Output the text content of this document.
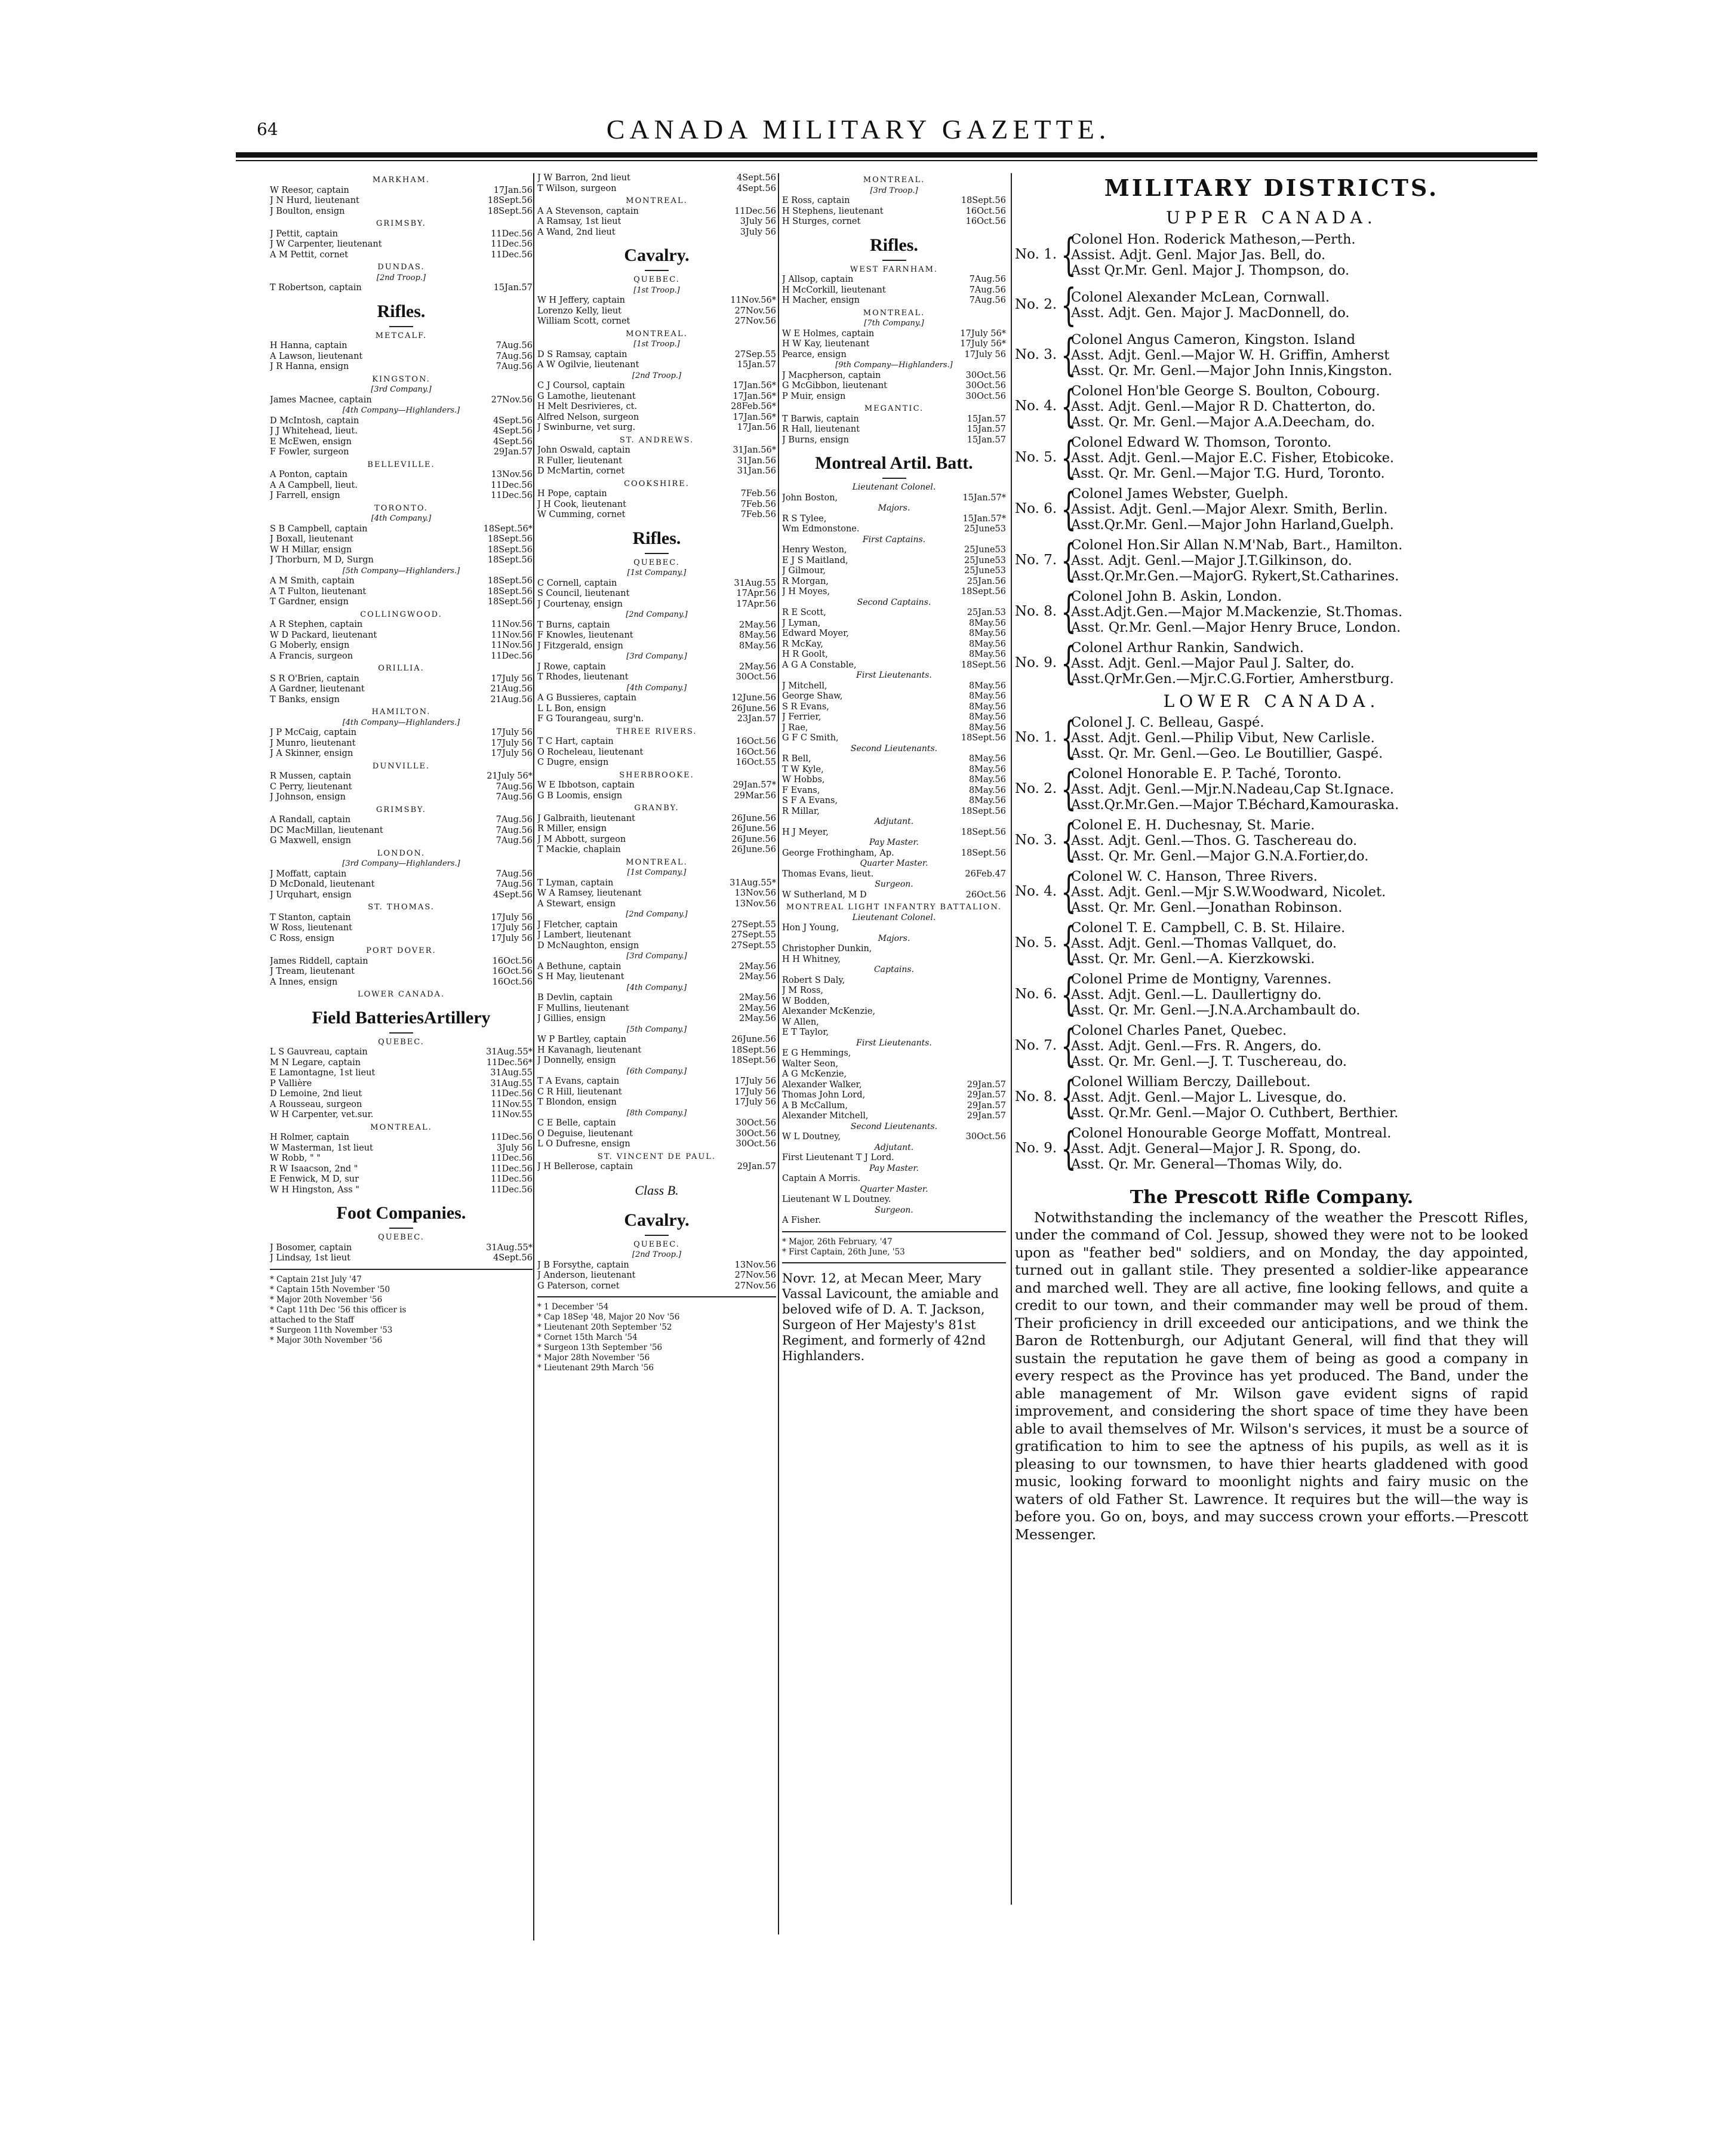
64	CANADA MILITARY GAZETTE.
MARKHAM.
W Reesor, captain	17Jan.56
J N Hurd, lieutenant	18Sept.56
J Boulton, ensign	18Sept.56
GRIMSBY.
J Pettit, captain	11Dec.56
J W Carpenter, lieutenant	11Dec.56
A M Pettit, cornet	11Dec.56
DUNDAS.
[2nd Troop.]
T Robertson, captain	15Jan.57
Rifles.
METCALF.
H Hanna, captain	7Aug.56
A Lawson, lieutenant	7Aug.56
J R Hanna, ensign	7Aug.56
KINGSTON.
[3rd Company.]
James Macnee, captain	27Nov.56
[4th Company—Highlanders.]
D McIntosh, captain	4Sept.56
J J Whitehead, lieut.	4Sept.56
E McEwen, ensign	4Sept.56
F Fowler, surgeon	29Jan.57
BELLEVILLE.
A Ponton, captain	13Nov.56
A A Campbell, lieut.	11Dec.56
J Farrell, ensign	11Dec.56
TORONTO.
[4th Company.]
S B Campbell, captain	18Sept.56*
J Boxall, lieutenant	18Sept.56
W H Millar, ensign	18Sept.56
J Thorburn, M D, Surgn	18Sept.56
[5th Company—Highlanders.]
A M Smith, captain	18Sept.56
A T Fulton, lieutenant	18Sept.56
T Gardner, ensign	18Sept.56
COLLINGWOOD.
A R Stephen, captain	11Nov.56
W D Packard, lieutenant	11Nov.56
G Moberly, ensign	11Nov.56
A Francis, surgeon	11Dec.56
ORILLIA.
S R O'Brien, captain	17July 56
A Gardner, lieutenant	21Aug.56
T Banks, ensign	21Aug.56
HAMILTON.
[4th Company—Highlanders.]
J P McCaig, captain	17July 56
J Munro, lieutenant	17July 56
J A Skinner, ensign	17July 56
DUNVILLE.
R Mussen, captain	21July 56*
C Perry, lieutenant	7Aug.56
J Johnson, ensign	7Aug.56
GRIMSBY.
A Randall, captain	7Aug.56
DC MacMillan, lieutenant	7Aug.56
G Maxwell, ensign	7Aug.56
LONDON.
[3rd Company—Highlanders.]
J Moffatt, captain	7Aug.56
D McDonald, lieutenant	7Aug.56
J Urquhart, ensign	4Sept.56
ST. THOMAS.
T Stanton, captain	17July 56
W Ross, lieutenant	17July 56
C Ross, ensign	17July 56
PORT DOVER.
James Riddell, captain	16Oct.56
J Tream, lieutenant	16Oct.56
A Innes, ensign	16Oct.56
LOWER CANADA.
Field BatteriesArtillery
QUEBEC.
L S Gauvreau, captain	31Aug.55*
M N Legare, captain	11Dec.56*
E Lamontagne, 1st lieut	31Aug.55
P Vallière	31Aug.55
D Lemoine, 2nd lieut	11Dec.56
A Rousseau, surgeon	11Nov.55
W H Carpenter, vet.sur.	11Nov.55
MONTREAL.
H Rolmer, captain	11Dec.56
W Masterman, 1st lieut	3July 56
W Robb, " "	11Dec.56
R W Isaacson, 2nd "	11Dec.56
E Fenwick, M D, sur	11Dec.56
W H Hingston, Ass "	11Dec.56
Foot Companies.
QUEBEC.
J Bosomer, captain	31Aug.55*
J Lindsay, 1st lieut	4Sept.56
* Captain 21st July '47
* Captain 15th November '50
* Major 20th November '56
* Capt 11th Dec '56 this officer is
attached to the Staff
* Surgeon 11th November '53
* Major 30th November '56
J W Barron, 2nd lieut	4Sept.56
T Wilson, surgeon	4Sept.56
MONTREAL.
A A Stevenson, captain	11Dec.56
A Ramsay, 1st lieut	3July 56
A Wand, 2nd lieut	3July 56
Cavalry.
QUEBEC.
[1st Troop.]
W H Jeffery, captain	11Nov.56*
Lorenzo Kelly, lieut	27Nov.56
William Scott, cornet	27Nov.56
MONTREAL.
[1st Troop.]
D S Ramsay, captain	27Sep.55
A W Ogilvie, lieutenant	15Jan.57
[2nd Troop.]
C J Coursol, captain	17Jan.56*
G Lamothe, lieutenant	17Jan.56*
H Melt Desrivieres, ct.	28Feb.56*
Alfred Nelson, surgeon	17Jan.56*
J Swinburne, vet surg.	17Jan.56
ST. ANDREWS.
John Oswald, captain	31Jan.56*
R Fuller, lieutenant	31Jan.56
D McMartin, cornet	31Jan.56
COOKSHIRE.
H Pope, captain	7Feb.56
J H Cook, lieutenant	7Feb.56
W Cumming, cornet	7Feb.56
Rifles.
QUEBEC.
[1st Company.]
C Cornell, captain	31Aug.55
S Council, lieutenant	17Apr.56
J Courtenay, ensign	17Apr.56
[2nd Company.]
T Burns, captain	2May.56
F Knowles, lieutenant	8May.56
J Fitzgerald, ensign	8May.56
[3rd Company.]
J Rowe, captain	2May.56
T Rhodes, lieutenant	30Oct.56
[4th Company.]
A G Bussieres, captain	12June.56
L L Bon, ensign	26June.56
F G Tourangeau, surg'n.	23Jan.57
THREE RIVERS.
T C Hart, captain	16Oct.56
O Rocheleau, lieutenant	16Oct.56
C Dugre, ensign	16Oct.55
SHERBROOKE.
W E Ibbotson, captain	29Jan.57*
G B Loomis, ensign	29Mar.56
GRANBY.
J Galbraith, lieutenant	26June.56
R Miller, ensign	26June.56
J M Abbott, surgeon	26June.56
T Mackie, chaplain	26June.56
MONTREAL.
[1st Company.]
T Lyman, captain	31Aug.55*
W A Ramsey, lieutenant	13Nov.56
A Stewart, ensign	13Nov.56
[2nd Company.]
J Fletcher, captain	27Sept.55
J Lambert, lieutenant	27Sept.55
D McNaughton, ensign	27Sept.55
[3rd Company.]
A Bethune, captain	2May.56
S H May, lieutenant	2May.56
[4th Company.]
B Devlin, captain	2May.56
F Mullins, lieutenant	2May.56
J Gillies, ensign	2May.56
[5th Company.]
W P Bartley, captain	26June.56
H Kavanagh, lieutenant	18Sept.56
J Donnelly, ensign	18Sept.56
[6th Company.]
T A Evans, captain	17July 56
C R Hill, lieutenant	17July 56
T Blondon, ensign	17July 56
[8th Company.]
C E Belle, captain	30Oct.56
O Deguise, lieutenant	30Oct.56
L O Dufresne, ensign	30Oct.56
ST. VINCENT DE PAUL.
J H Bellerose, captain	29Jan.57
Class B.
Cavalry.
QUEBEC.
[2nd Troop.]
J B Forsythe, captain	13Nov.56
J Anderson, lieutenant	27Nov.56
G Paterson, cornet	27Nov.56
* 1 December '54
* Cap 18Sep '48, Major 20 Nov '56
* Lieutenant 20th September '52
* Cornet 15th March '54
* Surgeon 13th September '56
* Major 28th November '56
* Lieutenant 29th March '56
MONTREAL.
[3rd Troop.]
E Ross, captain	18Sept.56
H Stephens, lieutenant	16Oct.56
H Sturges, cornet	16Oct.56
Rifles.
WEST FARNHAM.
J Allsop, captain	7Aug.56
H McCorkill, lieutenant	7Aug.56
H Macher, ensign	7Aug.56
MONTREAL.
[7th Company.]
W E Holmes, captain	17July 56*
H W Kay, lieutenant	17July 56*
Pearce, ensign	17July 56
[9th Company—Highlanders.]
J Macpherson, captain	30Oct.56
G McGibbon, lieutenant	30Oct.56
P Muir, ensign	30Oct.56
MEGANTIC.
T Barwis, captain	15Jan.57
R Hall, lieutenant	15Jan.57
J Burns, ensign	15Jan.57
Montreal Artil. Batt.
Lieutenant Colonel.
John Boston,	15Jan.57*
Majors.
R S Tylee,	15Jan.57*
Wm Edmonstone.	25June53
First Captains.
Henry Weston,	25June53
E J S Maitland,	25June53
J Gilmour,	25June53
R Morgan,	25Jan.56
J H Moyes,	18Sept.56
Second Captains.
R E Scott,	25Jan.53
J Lyman,	8May.56
Edward Moyer,	8May.56
R McKay,	8May.56
H R Goolt,	8May.56
A G A Constable,	18Sept.56
First Lieutenants.
J Mitchell,	8May.56
George Shaw,	8May.56
S R Evans,	8May.56
J Ferrier,	8May.56
J Rae,	8May.56
G F C Smith,	18Sept.56
Second Lieutenants.
R Bell,	8May.56
T W Kyle,	8May.56
W Hobbs,	8May.56
F Evans,	8May.56
S F A Evans,	8May.56
R Millar,	18Sept.56
Adjutant.
H J Meyer,	18Sept.56
Pay Master.
George Frothingham, Ap.	18Sept.56
Quarter Master.
Thomas Evans, lieut.	26Feb.47
Surgeon.
W Sutherland, M D	26Oct.56
MONTREAL LIGHT INFANTRY BATTALION.
Lieutenant Colonel.
Hon J Young,
Majors.
Christopher Dunkin,
H H Whitney,
Captains.
Robert S Daly,
J M Ross,
W Bodden,
Alexander McKenzie,
W Allen,
E T Taylor,
First Lieutenants.
E G Hemmings,
Walter Seon,
A G McKenzie,
Alexander Walker,	29Jan.57
Thomas John Lord,	29Jan.57
A B McCallum,	29Jan.57
Alexander Mitchell,	29Jan.57
Second Lieutenants.
W L Doutney,	30Oct.56
Adjutant.
First Lieutenant T J Lord.
Pay Master.
Captain A Morris.
Quarter Master.
Lieutenant W L Doutney.
Surgeon.
A Fisher.
* Major, 26th February, '47
* First Captain, 26th June, '53
Novr. 12, at Mecan Meer, Mary Vassal Lavicount, the amiable and beloved wife of D. A. T. Jackson, Surgeon of Her Majesty's 81st Regiment, and formerly of 42nd Highlanders.
MILITARY DISTRICTS.
UPPER CANADA.
No. 1. {
Colonel Hon. Roderick Matheson,—Perth.
Assist. Adjt. Genl. Major Jas. Bell, do.
Asst Qr.Mr. Genl. Major J. Thompson, do.
No. 2. {
Colonel Alexander McLean, Cornwall.
Asst. Adjt. Gen. Major J. MacDonnell, do.
No. 3. {
Colonel Angus Cameron, Kingston. Island
Asst. Adjt. Genl.—Major W. H. Griffin, Amherst
Asst. Qr. Mr. Genl.—Major John Innis,Kingston.
No. 4. {
Colonel Hon'ble George S. Boulton, Cobourg.
Asst. Adjt. Genl.—Major R D. Chatterton, do.
Asst. Qr. Mr. Genl.—Major A.A.Deecham, do.
No. 5. {
Colonel Edward W. Thomson, Toronto.
Asst. Adjt. Genl.—Major E.C. Fisher, Etobicoke.
Asst. Qr. Mr. Genl.—Major T.G. Hurd, Toronto.
No. 6. {
Colonel James Webster, Guelph.
Assist. Adjt. Genl.—Major Alexr. Smith, Berlin.
Asst.Qr.Mr. Genl.—Major John Harland,Guelph.
No. 7. {
Colonel Hon.Sir Allan N.M'Nab, Bart., Hamilton.
Asst. Adjt. Genl.—Major J.T.Gilkinson, do.
Asst.Qr.Mr.Gen.—MajorG. Rykert,St.Catharines.
No. 8. {
Colonel John B. Askin, London.
Asst.Adjt.Gen.—Major M.Mackenzie, St.Thomas.
Asst. Qr.Mr. Genl.—Major Henry Bruce, London.
No. 9. {
Colonel Arthur Rankin, Sandwich.
Asst. Adjt. Genl.—Major Paul J. Salter, do.
Asst.QrMr.Gen.—Mjr.C.G.Fortier, Amherstburg.
LOWER CANADA.
No. 1. {
Colonel J. C. Belleau, Gaspé.
Asst. Adjt. Genl.—Philip Vibut, New Carlisle.
Asst. Qr. Mr. Genl.—Geo. Le Boutillier, Gaspé.
No. 2. {
Colonel Honorable E. P. Taché, Toronto.
Asst. Adjt. Genl.—Mjr.N.Nadeau,Cap St.Ignace.
Asst.Qr.Mr.Gen.—Major T.Béchard,Kamouraska.
No. 3. {
Colonel E. H. Duchesnay, St. Marie.
Asst. Adjt. Genl.—Thos. G. Taschereau do.
Asst. Qr. Mr. Genl.—Major G.N.A.Fortier,do.
No. 4. {
Colonel W. C. Hanson, Three Rivers.
Asst. Adjt. Genl.—Mjr S.W.Woodward, Nicolet.
Asst. Qr. Mr. Genl.—Jonathan Robinson.
No. 5. {
Colonel T. E. Campbell, C. B. St. Hilaire.
Asst. Adjt. Genl.—Thomas Vallquet, do.
Asst. Qr. Mr. Genl.—A. Kierzkowski.
No. 6. {
Colonel Prime de Montigny, Varennes.
Asst. Adjt. Genl.—L. Daullertigny do.
Asst. Qr. Mr. Genl.—J.N.A.Archambault do.
No. 7. {
Colonel Charles Panet, Quebec.
Asst. Adjt. Genl.—Frs. R. Angers, do.
Asst. Qr. Mr. Genl.—J. T. Tuschereau, do.
No. 8. {
Colonel William Berczy, Daillebout.
Asst. Adjt. Genl.—Major L. Livesque, do.
Asst. Qr.Mr. Genl.—Major O. Cuthbert, Berthier.
No. 9. {
Colonel Honourable George Moffatt, Montreal.
Asst. Adjt. General—Major J. R. Spong, do.
Asst. Qr. Mr. General—Thomas Wily, do.
The Prescott Rifle Company.
Notwithstanding the inclemancy of the weather the Prescott Rifles, under the command of Col. Jessup, showed they were not to be looked upon as "feather bed" soldiers, and on Monday, the day appointed, turned out in gallant stile. They presented a soldier-like appearance and marched well. They are all active, fine looking fellows, and quite a credit to our town, and their commander may well be proud of them. Their proficiency in drill exceeded our anticipations, and we think the Baron de Rottenburgh, our Adjutant General, will find that they will sustain the reputation he gave them of being as good a company in every respect as the Province has yet produced. The Band, under the able management of Mr. Wilson gave evident signs of rapid improvement, and considering the short space of time they have been able to avail themselves of Mr. Wilson's services, it must be a source of gratification to him to see the aptness of his pupils, as well as it is pleasing to our townsmen, to have thier hearts gladdened with good music, looking forward to moonlight nights and fairy music on the waters of old Father St. Lawrence. It requires but the will—the way is before you. Go on, boys, and may success crown your efforts.—Prescott Messenger.
